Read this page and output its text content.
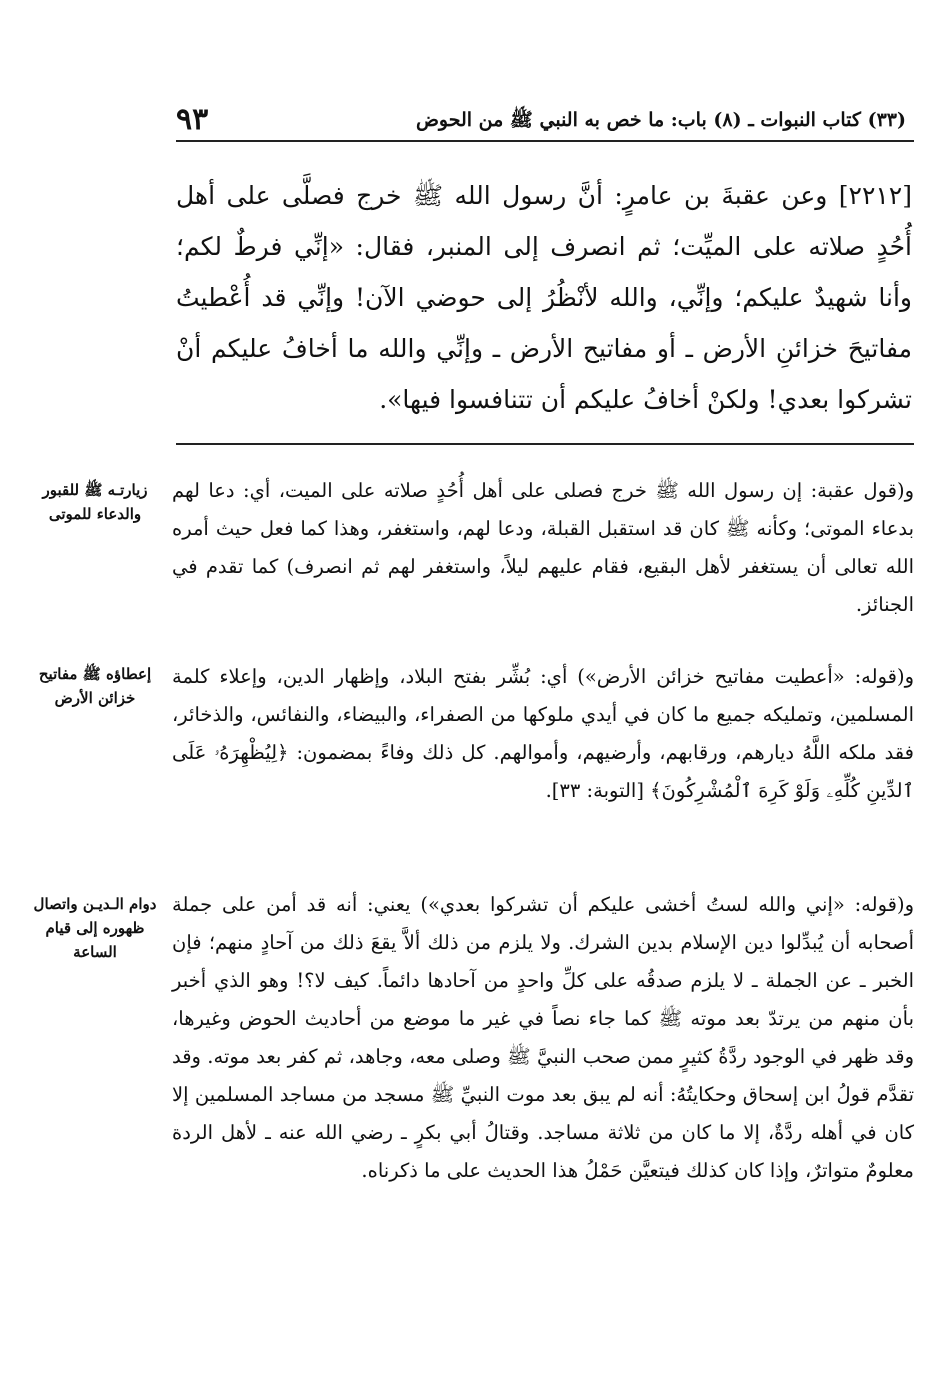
٩٣	(٣٣) كتاب النبوات ـ (٨) باب: ما خص به النبي ﷺ من الحوض
[٢٢١٢] وعن عقبةَ بن عامرٍ: أنَّ رسول الله ﷺ خرج فصلَّى على أهل أُحُدٍ صلاته على الميِّت؛ ثم انصرف إلى المنبر، فقال: «إنِّي فرطٌ لكم؛ وأنا شهيدٌ عليكم؛ وإنِّي، والله لأنْظُرُ إلى حوضي الآن! وإنِّي قد أُعْطيتُ مفاتيحَ خزائنِ الأرض ـ أو مفاتيح الأرض ـ وإنِّي والله ما أخافُ عليكم أنْ تشركوا بعدي! ولكنْ أخافُ عليكم أن تتنافسوا فيها».
و(قول عقبة: إن رسول الله ﷺ خرج فصلى على أهل أُحُدٍ صلاته على الميت، أي: دعا لهم بدعاء الموتى؛ وكأنه ﷺ كان قد استقبل القبلة، ودعا لهم، واستغفر، وهذا كما فعل حيث أمره الله تعالى أن يستغفر لأهل البقيع، فقام عليهم ليلاً، واستغفر لهم ثم انصرف) كما تقدم في الجنائز.
زيارتـه ﷺ للقبور والدعاء للموتى
و(قوله: «أعطيت مفاتيح خزائن الأرض») أي: بُشِّر بفتح البلاد، وإظهار الدين، وإعلاء كلمة المسلمين، وتمليكه جميع ما كان في أيدي ملوكها من الصفراء، والبيضاء، والنفائس، والذخائر، فقد ملكه اللَّهُ ديارهم، ورقابهم، وأرضيهم، وأموالهم. كل ذلك وفاءً بمضمون: ﴿لِيُظْهِرَهُۥ عَلَى ٱلدِّينِ كُلِّهِۦ وَلَوْ كَرِهَ ٱلْمُشْرِكُونَ﴾ [التوبة: ٣٣].
إعطاؤه ﷺ مفاتيح خزائن الأرض
و(قوله: «إني والله لستُ أخشى عليكم أن تشركوا بعدي») يعني: أنه قد أمن على جملة أصحابه أن يُبدِّلوا دين الإسلام بدين الشرك. ولا يلزم من ذلك ألاَّ يقعَ ذلك من آحادٍ منهم؛ فإن الخبر ـ عن الجملة ـ لا يلزم صدقُه على كلِّ واحدٍ من آحادها دائماً. كيف لا؟! وهو الذي أخبر بأن منهم من يرتدّ بعد موته ﷺ كما جاء نصاً في غير ما موضع من أحاديث الحوض وغيرها، وقد ظهر في الوجود ردَّةُ كثيرٍ ممن صحب النبيَّ ﷺ وصلى معه، وجاهد، ثم كفر بعد موته. وقد تقدَّم قولُ ابن إسحاق وحكايتُهُ: أنه لم يبق بعد موت النبيِّ ﷺ مسجد من مساجد المسلمين إلا كان في أهله ردَّةٌ، إلا ما كان من ثلاثة مساجد. وقتالُ أبي بكرٍ ـ رضي الله عنه ـ لأهل الردة معلومٌ متواترٌ، وإذا كان كذلك فيتعيَّن حَمْلُ هذا الحديث على ما ذكرناه.
دوام الـديـن واتصال ظهوره إلى قيام الساعة
